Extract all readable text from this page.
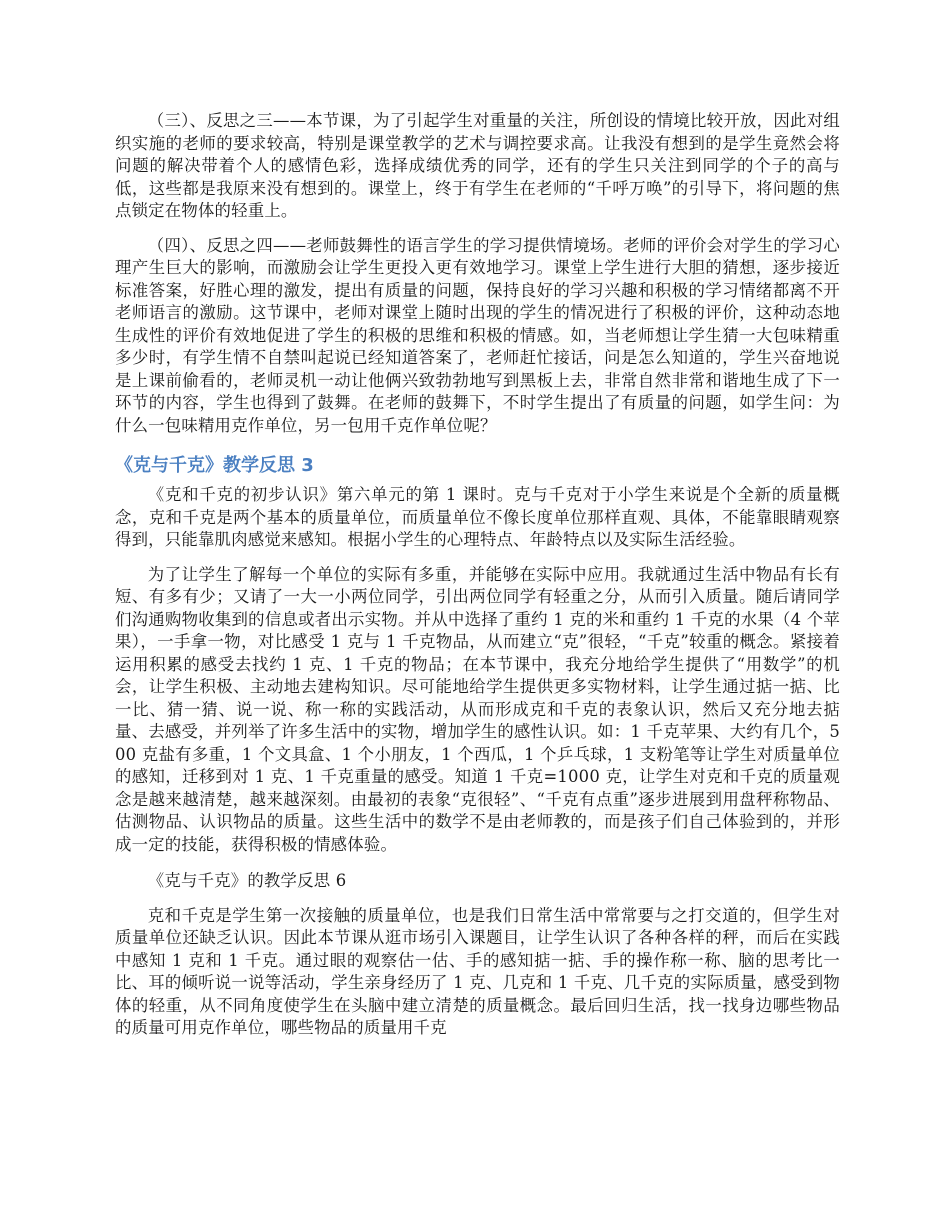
（三）、反思之三——本节课，为了引起学生对重量的关注，所创设的情境比较开放，因此对组织实施的老师的要求较高，特别是课堂教学的艺术与调控要求高。让我没有想到的是学生竟然会将问题的解决带着个人的感情色彩，选择成绩优秀的同学，还有的学生只关注到同学的个子的高与低，这些都是我原来没有想到的。课堂上，终于有学生在老师的“千呼万唤”的引导下，将问题的焦点锁定在物体的轻重上。

（四）、反思之四——老师鼓舞性的语言学生的学习提供情境场。老师的评价会对学生的学习心理产生巨大的影响，而激励会让学生更投入更有效地学习。课堂上学生进行大胆的猜想，逐步接近标准答案，好胜心理的激发，提出有质量的问题，保持良好的学习兴趣和积极的学习情绪都离不开老师语言的激励。这节课中，老师对课堂上随时出现的学生的情况进行了积极的评价，这种动态地生成性的评价有效地促进了学生的积极的思维和积极的情感。如，当老师想让学生猜一大包味精重多少时，有学生情不自禁叫起说已经知道答案了，老师赶忙接话，问是怎么知道的，学生兴奋地说是上课前偷看的，老师灵机一动让他俩兴致勃勃地写到黑板上去，非常自然非常和谐地生成了下一环节的内容，学生也得到了鼓舞。在老师的鼓舞下，不时学生提出了有质量的问题，如学生问：为什么一包味精用克作单位，另一包用千克作单位呢？

《克与千克》教学反思 3

《克和千克的初步认识》第六单元的第 1 课时。克与千克对于小学生来说是个全新的质量概念，克和千克是两个基本的质量单位，而质量单位不像长度单位那样直观、具体，不能靠眼睛观察得到，只能靠肌肉感觉来感知。根据小学生的心理特点、年龄特点以及实际生活经验。

为了让学生了解每一个单位的实际有多重，并能够在实际中应用。我就通过生活中物品有长有短、有多有少；又请了一大一小两位同学，引出两位同学有轻重之分，从而引入质量。随后请同学们沟通购物收集到的信息或者出示实物。并从中选择了重约 1 克的米和重约 1 千克的水果（4 个苹果），一手拿一物，对比感受 1 克与 1 千克物品，从而建立“克”很轻，“千克”较重的概念。紧接着运用积累的感受去找约 1 克、1 千克的物品；在本节课中，我充分地给学生提供了“用数学”的机会，让学生积极、主动地去建构知识。尽可能地给学生提供更多实物材料，让学生通过掂一掂、比一比、猜一猜、说一说、称一称的实践活动，从而形成克和千克的表象认识，然后又充分地去掂量、去感受，并列举了许多生活中的实物，增加学生的感性认识。如：1 千克苹果、大约有几个，500 克盐有多重，1 个文具盒、1 个小朋友，1 个西瓜，1 个乒乓球，1 支粉笔等让学生对质量单位的感知，迁移到对 1 克、1 千克重量的感受。知道 1 千克=1000 克，让学生对克和千克的质量观念是越来越清楚，越来越深刻。由最初的表象“克很轻”、“千克有点重”逐步进展到用盘秤称物品、估测物品、认识物品的质量。这些生活中的数学不是由老师教的，而是孩子们自己体验到的，并形成一定的技能，获得积极的情感体验。

《克与千克》的教学反思 6

克和千克是学生第一次接触的质量单位，也是我们日常生活中常常要与之打交道的，但学生对质量单位还缺乏认识。因此本节课从逛市场引入课题目，让学生认识了各种各样的秤，而后在实践中感知 1 克和 1 千克。通过眼的观察估一估、手的感知掂一掂、手的操作称一称、脑的思考比一比、耳的倾听说一说等活动，学生亲身经历了 1 克、几克和 1 千克、几千克的实际质量，感受到物体的轻重，从不同角度使学生在头脑中建立清楚的质量概念。最后回归生活，找一找身边哪些物品的质量可用克作单位，哪些物品的质量用千克
